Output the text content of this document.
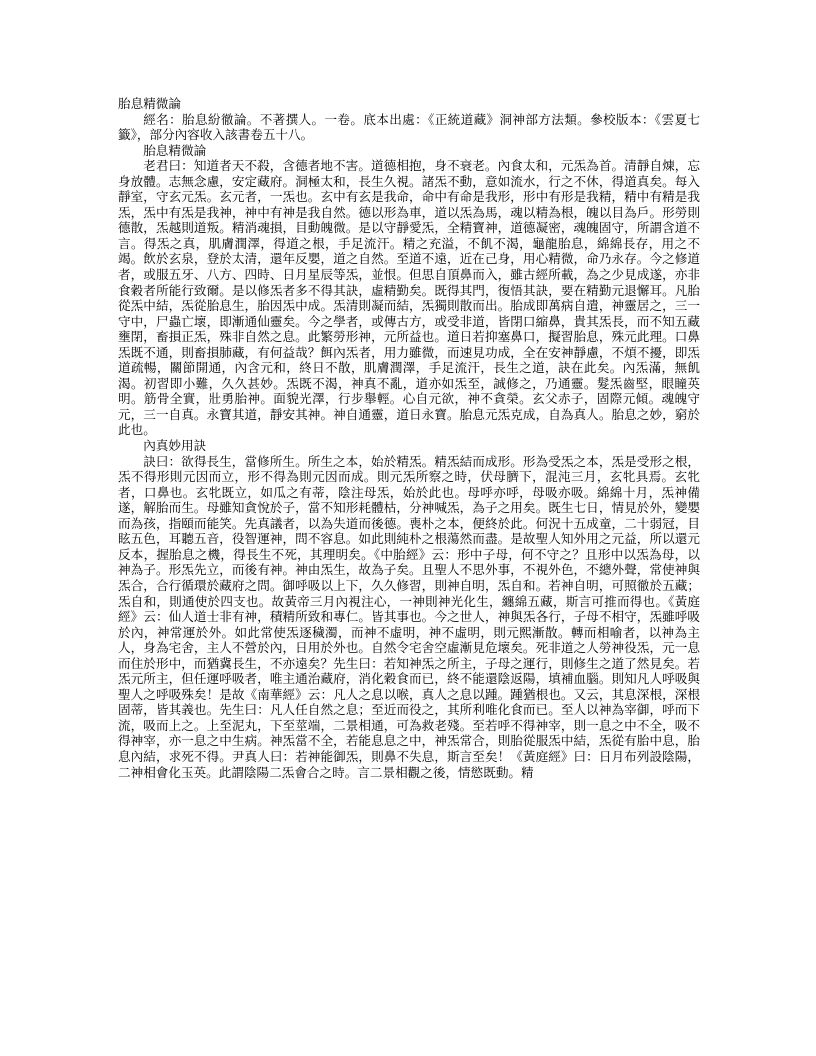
胎息精微論

經名：胎息紛徹論。不著撰人。一卷。底本出處：《正統道藏》洞神部方法類。參校版本：《雲夏七籤》，部分內容收入該書卷五十八。

胎息精微論

老君曰：知道者天不殺，含德者地不害。道德相抱，身不衰老。內食太和，元炁為首。清靜自煉，忘身放體。志無念慮，安定藏府。洞極太和，長生久視。諸炁不動，意如流水，行之不休，得道真矣。每入靜室，守玄元炁。玄元者，一炁也。玄中有玄是我命，命中有命是我形，形中有形是我精，精中有精是我炁，炁中有炁是我神，神中有神是我自然。德以形為車，道以炁為馬，魂以精為根，魄以目為戶。形勞則德散，炁越則道叛。精消魂損，目動魄微。是以守靜愛炁，全精寶神，道德凝密，魂魄固守，所謂含道不言。得炁之真，肌膚潤澤，得道之根，手足流汗。精之充溢，不飢不渴，龜龍胎息，綿綿長存，用之不竭。飲於玄泉，登於太清，還年反嬰，道之自然。至道不遠，近在己身，用心精微，命乃永存。今之修道者，或服五牙、八方、四時、日月星辰等炁，並恨。但思自頂鼻而入，雖古經所載，為之少見成遂，亦非食穀者所能行致爾。是以修炁者多不得其訣，虛精勤矣。既得其門，復悟其訣，要在精勤元退懈耳。凡胎從炁中結，炁從胎息生，胎因炁中成。炁清則凝而結，炁獨則散而出。胎成即萬病自遣，神靈居之，三一守中，尸蟲亡壞，即漸通仙靈矣。今之學者，或傳古方，或受非道，皆閉口縮鼻，貴其炁長，而不知五藏壅閉，畜損正炁，殊非自然之息。此繁勞形神，元所益也。道日若抑塞鼻口，擬習胎息，殊元此理。口鼻炁既不通，則畜損肺藏，有何益哉？餌內炁者，用力雖微，而速見功成，全在安神靜慮，不煩不擾，即炁道疏暢，關節開通，內含元和，終日不散，肌膚潤澤，手足流汗，長生之道，訣在此矣。內炁滿，無飢渴。初習即小難，久久甚妙。炁既不渴，神真不亂，道亦如炁至，誠修之，乃通靈。髮炁齒堅，眼瞳英明。筋骨全實，壯勇胎神。面貌光澤，行步舉輕。心自元欲，神不貪榮。玄父赤子，固際元傾。魂魄守元，三一自真。永寶其道，靜安其神。神自通靈，道日永寶。胎息元炁克成，自為真人。胎息之妙，窮於此也。

內真妙用訣

訣曰：欲得長生，當修所生。所生之本，始於精炁。精炁結而成形。形為受炁之本，炁是受形之根，炁不得形則元因而立，形不得為則元因而成。則元炁所察之時，伏母臍下，混沌三月，玄牝具焉。玄牝者，口鼻也。玄牝既立，如瓜之有蒂，陰注母炁，始於此也。母呼亦呼，母吸亦吸。綿綿十月，炁神備遂，解胎而生。母雖知貪悅於子，當不知形耗體枯，分神喊炁，為子之用矣。既生七日，情見於外，變嬰而為孩，指頤而能笑。先真議者，以為失道而後德。喪朴之本，便終於此。何況十五成童，二十弱冠，目眩五色，耳聽五音，役智運神，問不容息。如此則純朴之根蕩然而盡。是故聖人知外用之元益，所以還元反本，握胎息之機，得長生不死，其理明矣。《中胎經》云：形中子母，何不守之？且形中以炁為母，以神為子。形炁先立，而後有神。神由炁生，故為子矣。且聖人不思外事，不視外色，不總外聲，常使神與炁合，合行循環於藏府之問。御呼吸以上下，久久修習，則神自明，炁自和。若神自明，可照徹於五藏；炁自和，則通使於四支也。故黃帝三月內視注心，一神則神光化生，纏綿五藏，斯言可推而得也。《黃庭經》云：仙人道士非有神，積精所致和專仁。皆其事也。今之世人，神與炁各行，子母不相守，炁雖呼吸於內，神常運於外。如此常使炁逐穢濁，而神不虛明，神不虛明，則元熙漸散。轉而相喻者，以神為主人，身為宅舍，主人不營於內，日用於外也。自然令宅舍空虛漸見危壞矣。死非道之人勞神役炁，元一息而住於形中，而猶冀長生，不亦遠矣？先生曰：若知神炁之所主，子母之運行，則修生之道了然見矣。若炁元所主，但任運呼吸者，唯主通治藏府，消化穀食而已，終不能還陰返陽，填補血腦。則知凡人呼吸與聖人之呼吸殊矣！是故《南華經》云：凡人之息以喉，真人之息以踵。踵猶根也。又云，其息深根，深根固蒂，皆其義也。先生曰：凡人任自然之息；至近而役之，其所利唯化食而已。至人以神為宰御，呼而下流，吸而上之。上至泥丸，下至莖端，二景相通，可為救老殘。至若呼不得神宰，則一息之中不全，吸不得神宰，亦一息之中生病。神炁當不全，若能息息之中，神炁常合，則胎從服炁中結，炁從有胎中息，胎息內結，求死不得。尹真人曰：若神能御炁，則鼻不失息，斯言至矣！《黃庭經》曰：日月布列設陰陽，二神相會化玉英。此謂陰陽二炁會合之時。言二景相觀之後，情慾既動。精
